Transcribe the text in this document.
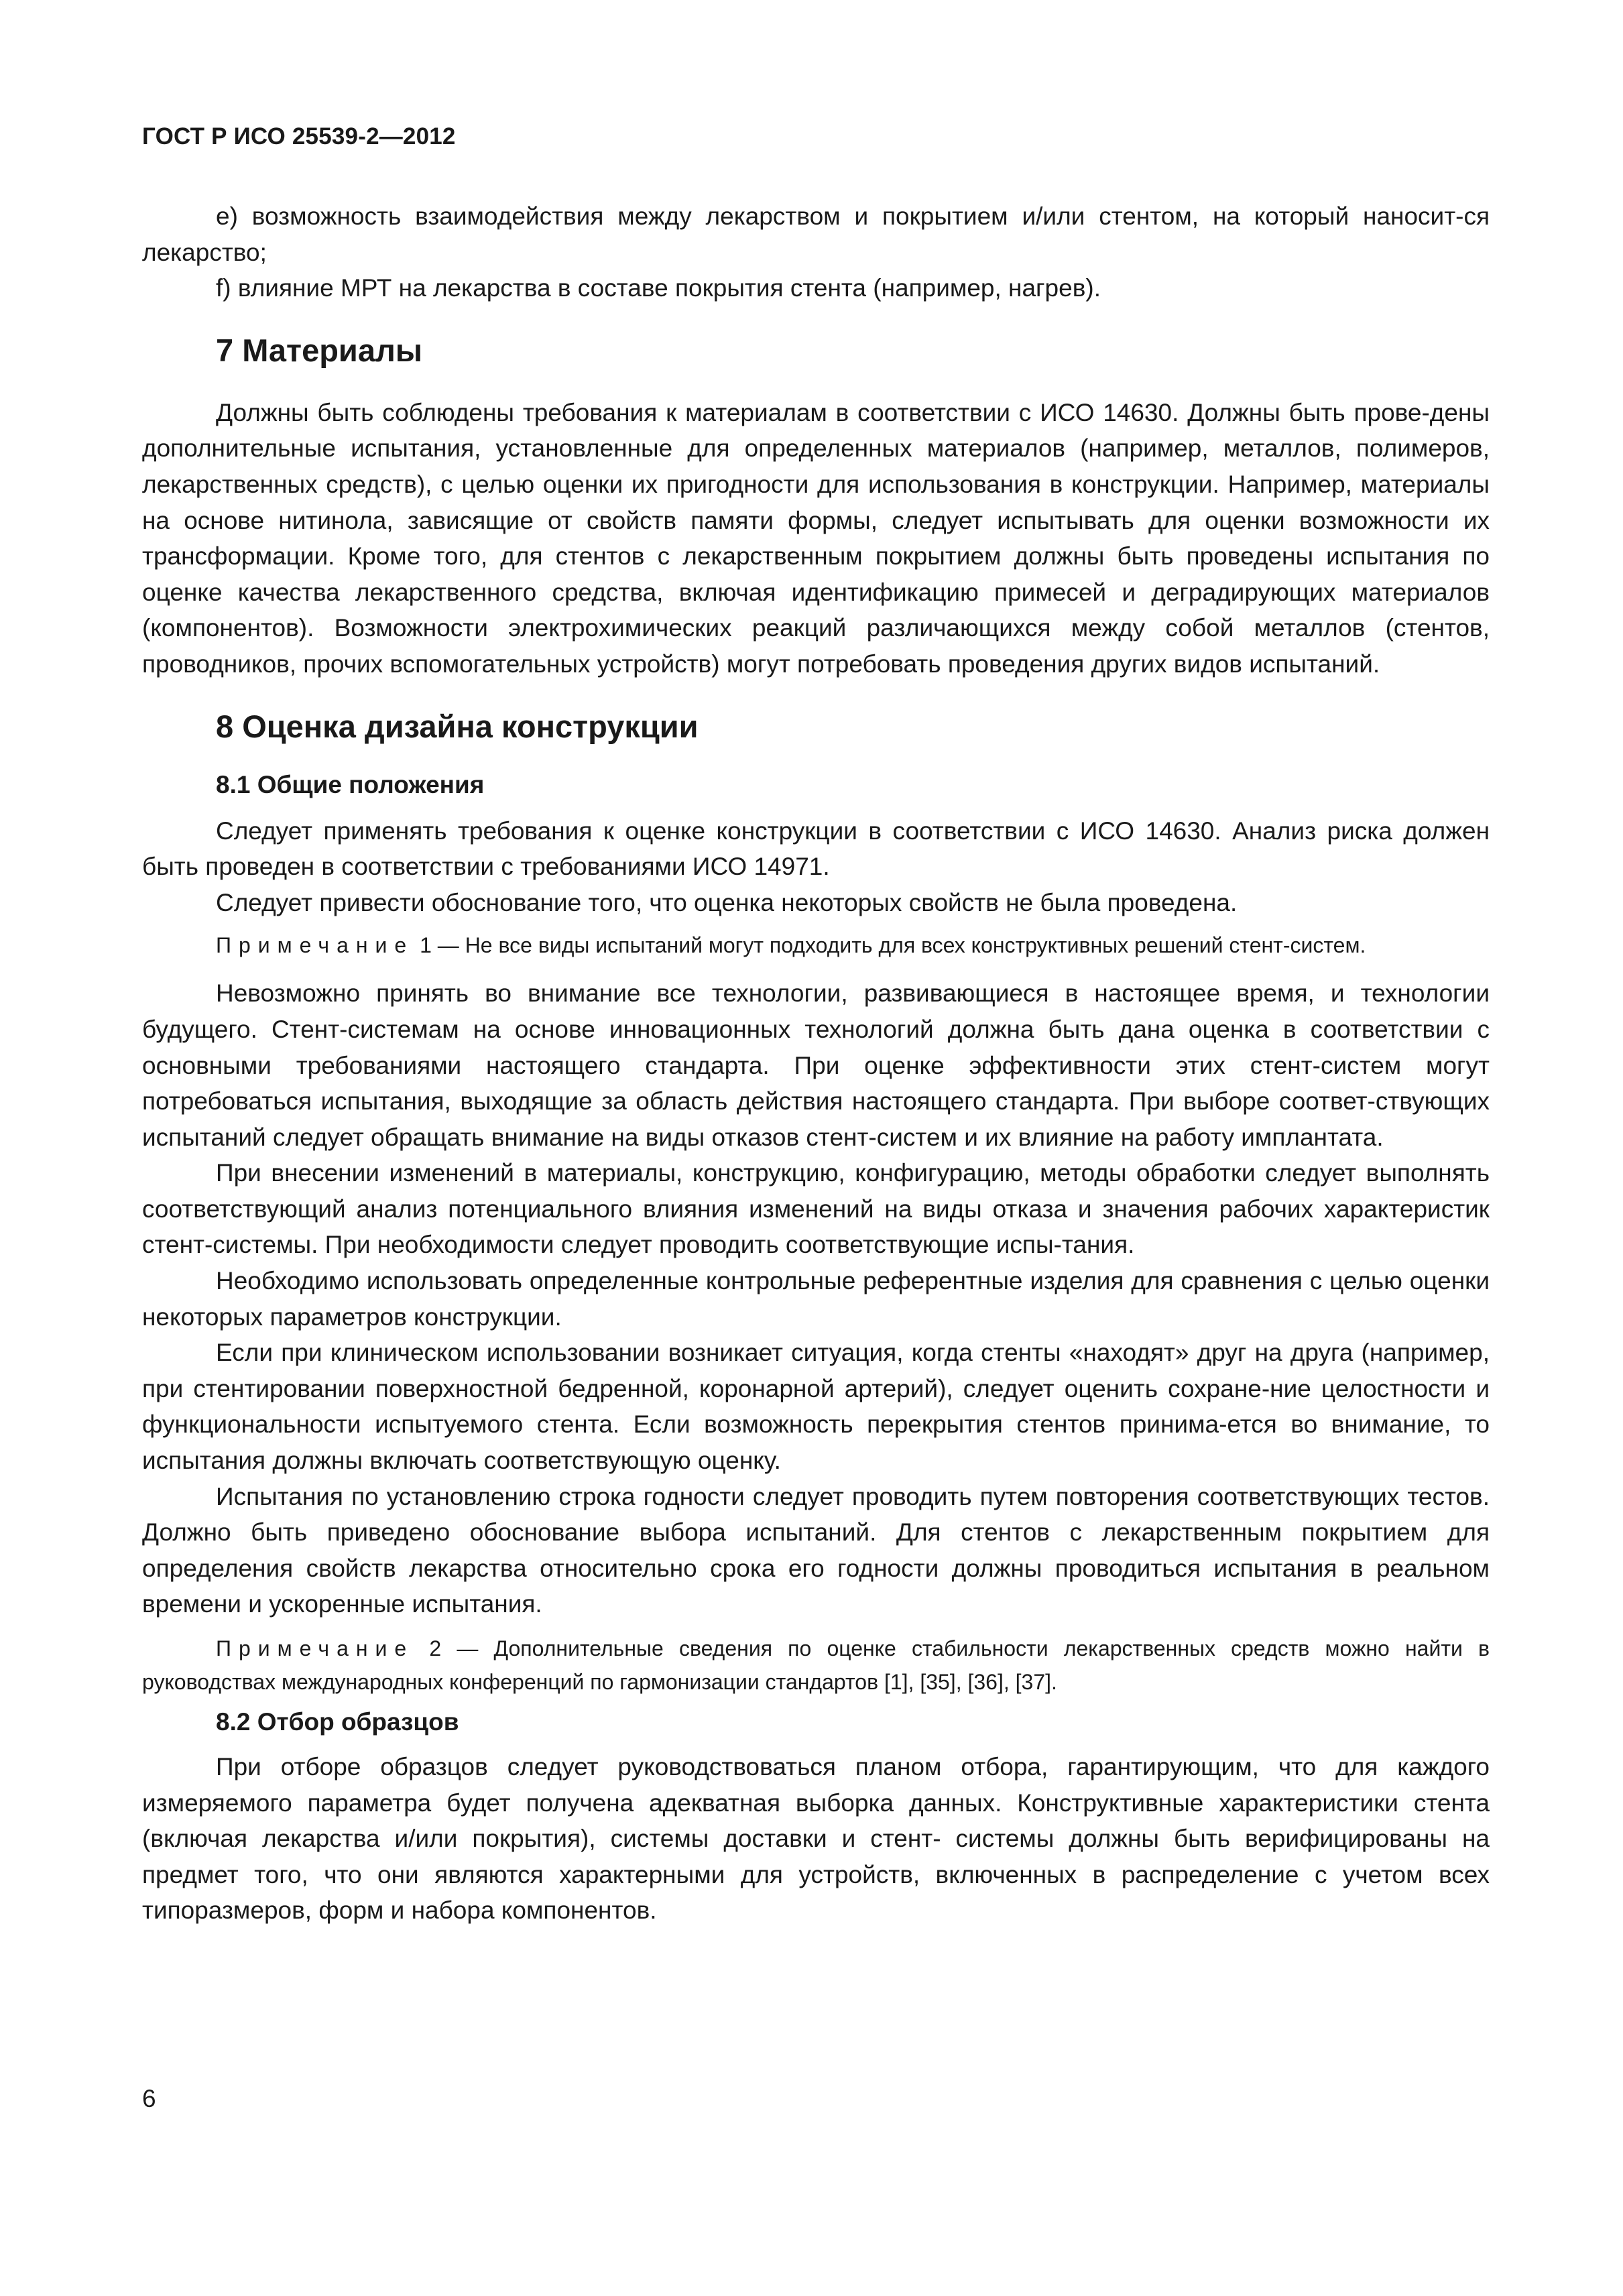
ГОСТ Р ИСО 25539-2—2012

е) возможность взаимодействия между лекарством и покрытием и/или стентом, на который наносит-ся лекарство;

f) влияние МРТ на лекарства в составе покрытия стента (например, нагрев).

7 Материалы

Должны быть соблюдены требования к материалам в соответствии с ИСО 14630. Должны быть прове-дены дополнительные испытания, установленные для определенных материалов (например, металлов, полимеров, лекарственных средств), с целью оценки их пригодности для использования в конструкции. Например, материалы на основе нитинола, зависящие от свойств памяти формы, следует испытывать для оценки возможности их трансформации. Кроме того, для стентов с лекарственным покрытием должны быть проведены испытания по оценке качества лекарственного средства, включая идентификацию примесей и деградирующих материалов (компонентов). Возможности электрохимических реакций различающихся между собой металлов (стентов, проводников, прочих вспомогательных устройств) могут потребовать проведения других видов испытаний.

8 Оценка дизайна конструкции
8.1 Общие положения

Следует применять требования к оценке конструкции в соответствии с ИСО 14630. Анализ риска должен быть проведен в соответствии с требованиями ИСО 14971.

Следует привести обоснование того, что оценка некоторых свойств не была проведена.

Примечание 1 — Не все виды испытаний могут подходить для всех конструктивных решений стент-систем.

Невозможно принять во внимание все технологии, развивающиеся в настоящее время, и технологии будущего. Стент-системам на основе инновационных технологий должна быть дана оценка в соответствии с основными требованиями настоящего стандарта. При оценке эффективности этих стент-систем могут потребоваться испытания, выходящие за область действия настоящего стандарта. При выборе соответ-ствующих испытаний следует обращать внимание на виды отказов стент-систем и их влияние на работу имплантата.

При внесении изменений в материалы, конструкцию, конфигурацию, методы обработки следует выполнять соответствующий анализ потенциального влияния изменений на виды отказа и значения рабочих характеристик стент-системы. При необходимости следует проводить соответствующие испы-тания.

Необходимо использовать определенные контрольные референтные изделия для сравнения с целью оценки некоторых параметров конструкции.

Если при клиническом использовании возникает ситуация, когда стенты «находят» друг на друга (например, при стентировании поверхностной бедренной, коронарной артерий), следует оценить сохране-ние целостности и функциональности испытуемого стента. Если возможность перекрытия стентов принима-ется во внимание, то испытания должны включать соответствующую оценку.

Испытания по установлению строка годности следует проводить путем повторения соответствующих тестов. Должно быть приведено обоснование выбора испытаний. Для стентов с лекарственным покрытием для определения свойств лекарства относительно срока его годности должны проводиться испытания в реальном времени и ускоренные испытания.

Примечание 2 — Дополнительные сведения по оценке стабильности лекарственных средств можно найти в руководствах международных конференций по гармонизации стандартов [1], [35], [36], [37].

8.2 Отбор образцов

При отборе образцов следует руководствоваться планом отбора, гарантирующим, что для каждого измеряемого параметра будет получена адекватная выборка данных. Конструктивные характеристики стента (включая лекарства и/или покрытия), системы доставки и стент- системы должны быть верифицированы на предмет того, что они являются характерными для устройств, включенных в распределение с учетом всех типоразмеров, форм и набора компонентов.

6
